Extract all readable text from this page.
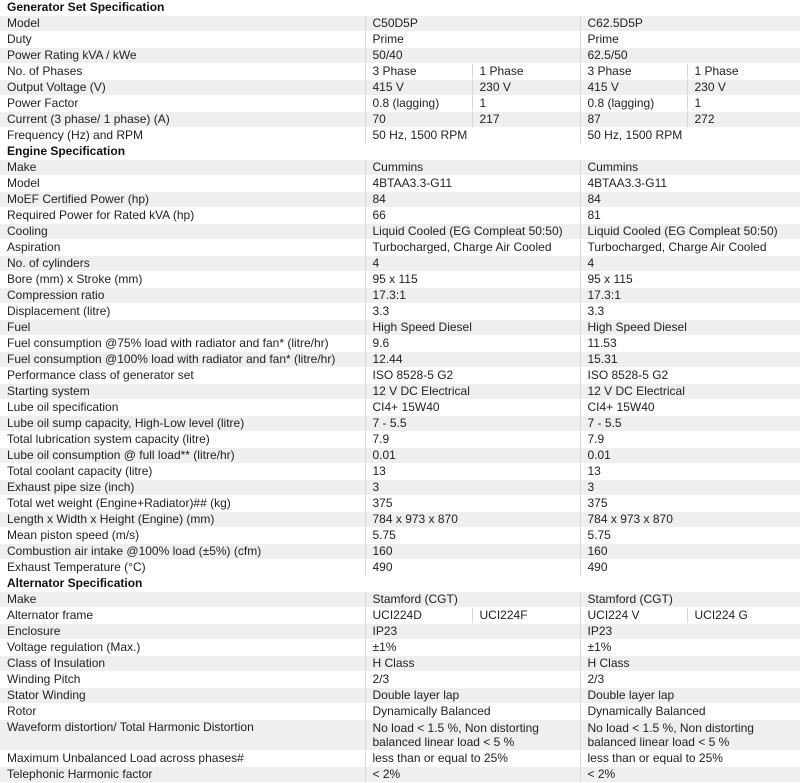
Generator Set Specification				
Model	C50D5P		C62.5D5P	
Duty	Prime		Prime	
Power Rating kVA / kWe	50/40		62.5/50	
No. of Phases	3 Phase	1 Phase	3 Phase	1 Phase
Output Voltage (V)	415 V	230 V	415 V	230 V
Power Factor	0.8 (lagging)	1	0.8 (lagging)	1
Current (3 phase/ 1 phase) (A)	70	217	87	272
Frequency (Hz) and RPM	50 Hz, 1500 RPM		50 Hz, 1500 RPM	
Engine Specification				
Make	Cummins		Cummins	
Model	4BTAA3.3-G11		4BTAA3.3-G11	
MoEF Certified Power (hp)	84		84	
Required Power for Rated kVA (hp)	66		81	
Cooling	Liquid Cooled (EG Compleat 50:50)		Liquid Cooled (EG Compleat 50:50)	
Aspiration	Turbocharged, Charge Air Cooled		Turbocharged, Charge Air Cooled	
No. of cylinders	4		4	
Bore (mm) x Stroke (mm)	95 x 115		95 x 115	
Compression ratio	17.3:1		17.3:1	
Displacement (litre)	3.3		3.3	
Fuel	High Speed Diesel		High Speed Diesel	
Fuel consumption @75% load with radiator and fan* (litre/hr)	9.6		11.53	
Fuel consumption @100% load with radiator and fan* (litre/hr)	12.44		15.31	
Performance class of generator set	ISO 8528-5 G2		ISO 8528-5 G2	
Starting system	12 V DC Electrical		12 V DC Electrical	
Lube oil specification	CI4+ 15W40		CI4+ 15W40	
Lube oil sump capacity, High-Low level (litre)	7 - 5.5		7 - 5.5	
Total lubrication system capacity (litre)	7.9		7.9	
Lube oil consumption @ full load** (litre/hr)	0.01		0.01	
Total coolant capacity (litre)	13		13	
Exhaust pipe size (inch)	3		3	
Total wet weight (Engine+Radiator)## (kg)	375		375	
Length x Width x Height (Engine) (mm)	784 x 973 x 870		784 x 973 x 870	
Mean piston speed (m/s)	5.75		5.75	
Combustion air intake @100% load (±5%) (cfm)	160		160	
Exhaust Temperature (°C)	490		490	
Alternator Specification				
Make	Stamford (CGT)		Stamford (CGT)	
Alternator frame	UCI224D	UCI224F	UCI224 V	UCI224 G
Enclosure	IP23		IP23	
Voltage regulation (Max.)	±1%		±1%	
Class of Insulation	H Class		H Class	
Winding Pitch	2/3		2/3	
Stator Winding	Double layer lap		Double layer lap	
Rotor	Dynamically Balanced		Dynamically Balanced	
Waveform distortion/ Total Harmonic Distortion	No load < 1.5 %, Non distorting balanced linear load < 5 %		No load < 1.5 %, Non distorting balanced linear load < 5 %	

Maximum Unbalanced Load across phases#	less than or equal to 25%		less than or equal to 25%	
Telephonic Harmonic factor	< 2%		< 2%	
